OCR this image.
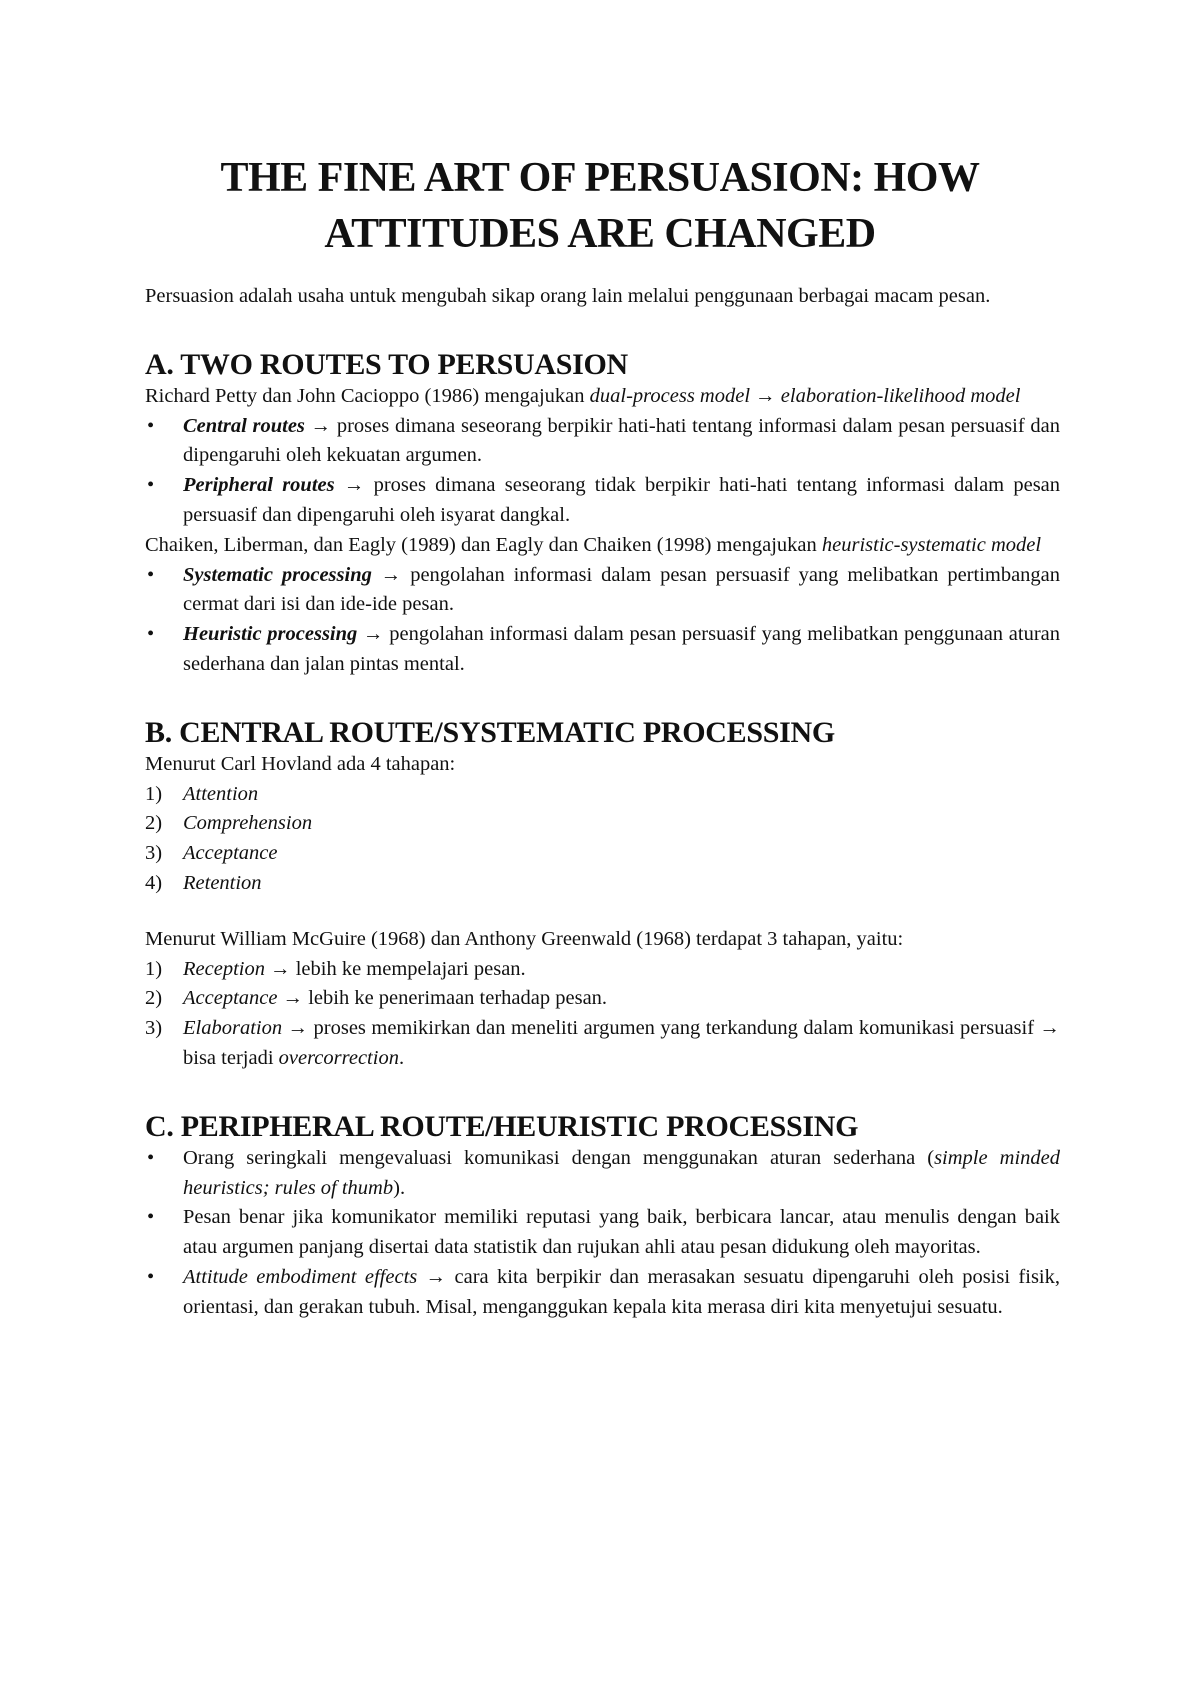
THE FINE ART OF PERSUASION: HOW
ATTITUDES ARE CHANGED

Persuasion adalah usaha untuk mengubah sikap orang lain melalui penggunaan berbagai macam pesan.

A. TWO ROUTES TO PERSUASION

Richard Petty dan John Cacioppo (1986) mengajukan dual-process model → elaboration-likelihood model

• Central routes → proses dimana seseorang berpikir hati-hati tentang informasi dalam pesan persuasif dan dipengaruhi oleh kekuatan argumen.
• Peripheral routes → proses dimana seseorang tidak berpikir hati-hati tentang informasi dalam pesan persuasif dan dipengaruhi oleh isyarat dangkal.

Chaiken, Liberman, dan Eagly (1989) dan Eagly dan Chaiken (1998) mengajukan heuristic-systematic model

• Systematic processing → pengolahan informasi dalam pesan persuasif yang melibatkan pertimbangan cermat dari isi dan ide-ide pesan.
• Heuristic processing → pengolahan informasi dalam pesan persuasif yang melibatkan penggunaan aturan sederhana dan jalan pintas mental.
B. CENTRAL ROUTE/SYSTEMATIC PROCESSING

Menurut Carl Hovland ada 4 tahapan:

1) Attention
2) Comprehension
3) Acceptance
4) Retention

Menurut William McGuire (1968) dan Anthony Greenwald (1968) terdapat 3 tahapan, yaitu:

1) Reception → lebih ke mempelajari pesan.
2) Acceptance → lebih ke penerimaan terhadap pesan.
3) Elaboration → proses memikirkan dan meneliti argumen yang terkandung dalam komunikasi persuasif → bisa terjadi overcorrection.
C. PERIPHERAL ROUTE/HEURISTIC PROCESSING
• Orang seringkali mengevaluasi komunikasi dengan menggunakan aturan sederhana (simple minded heuristics; rules of thumb).
• Pesan benar jika komunikator memiliki reputasi yang baik, berbicara lancar, atau menulis dengan baik atau argumen panjang disertai data statistik dan rujukan ahli atau pesan didukung oleh mayoritas.
• Attitude embodiment effects → cara kita berpikir dan merasakan sesuatu dipengaruhi oleh posisi fisik, orientasi, dan gerakan tubuh. Misal, menganggukan kepala kita merasa diri kita menyetujui sesuatu.
